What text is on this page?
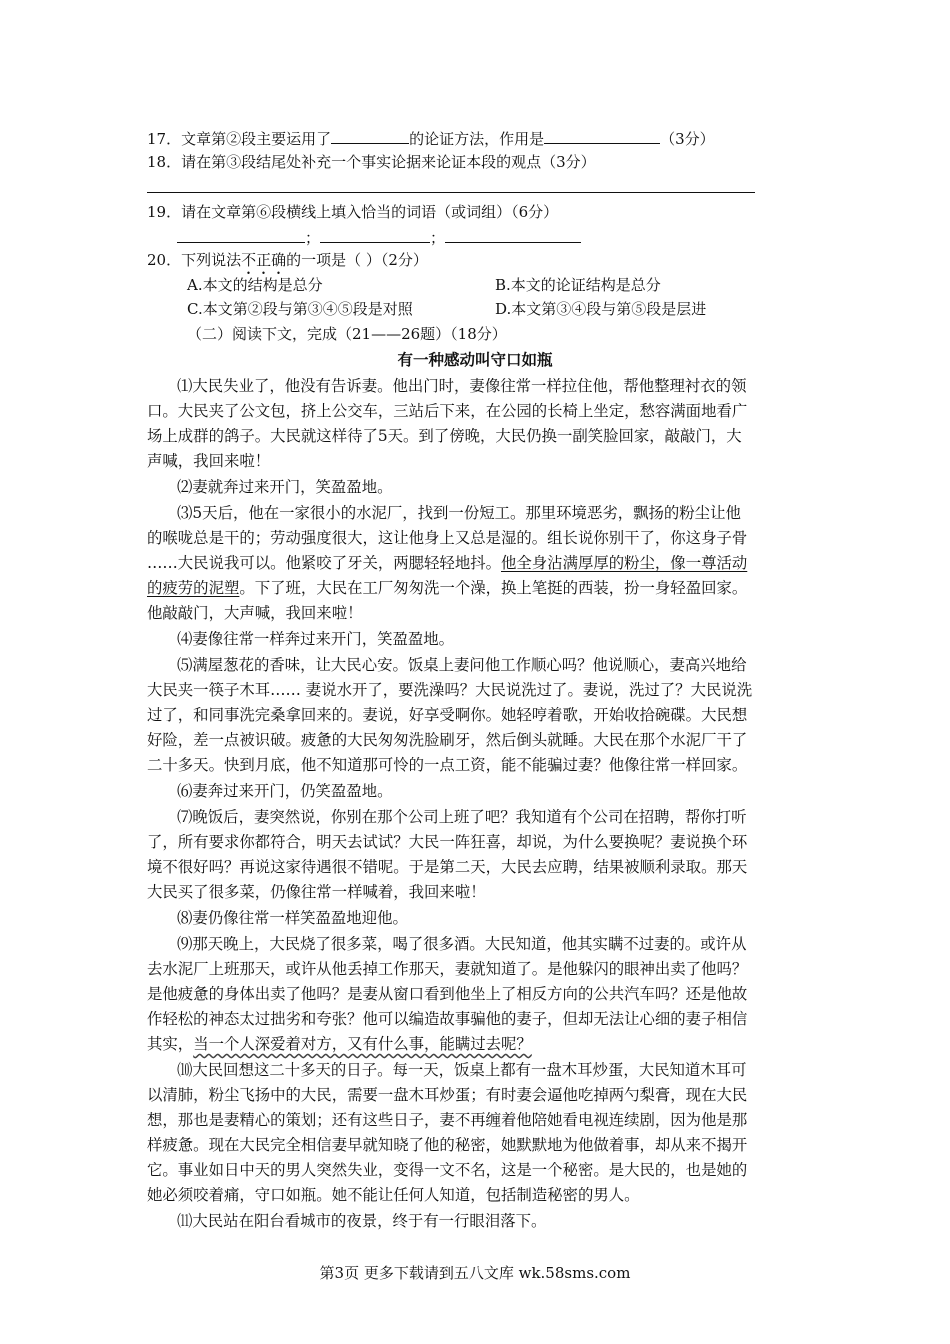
17．文章第②段主要运用了	的论证方法，作用是	（3分）
18．请在第③段结尾处补充一个事实论据来论证本段的观点（3分）
19．请在文章第⑥段横线上填入恰当的词语（或词组）（6分）
；	；
20．下列说法不正确的一项是（ ）（2分）
A.本文的结构是总分	B.本文的论证结构是总分
C.本文第②段与第③④⑤段是对照	D.本文第③④段与第⑤段是层进
（二）阅读下文，完成（21——26题）（18分）
有一种感动叫守口如瓶
⑴大民失业了，他没有告诉妻。他出门时，妻像往常一样拉住他，帮他整理衬衣的领
口。大民夹了公文包，挤上公交车，三站后下来，在公园的长椅上坐定，愁容满面地看广
场上成群的鸽子。大民就这样待了5天。到了傍晚，大民仍换一副笑脸回家，敲敲门，大
声喊，我回来啦！
⑵妻就奔过来开门，笑盈盈地。
⑶5天后，他在一家很小的水泥厂，找到一份短工。那里环境恶劣，飘扬的粉尘让他
的喉咙总是干的；劳动强度很大，这让他身上又总是湿的。组长说你别干了，你这身子骨
……大民说我可以。他紧咬了牙关，两腮轻轻地抖。他全身沾满厚厚的粉尘，像一尊活动
的疲劳的泥塑。下了班，大民在工厂匆匆洗一个澡，换上笔挺的西装，扮一身轻盈回家。
他敲敲门，大声喊，我回来啦！
⑷妻像往常一样奔过来开门，笑盈盈地。
⑸满屋葱花的香味，让大民心安。饭桌上妻问他工作顺心吗？他说顺心，妻高兴地给
大民夹一筷子木耳…… 妻说水开了，要洗澡吗？大民说洗过了。妻说，洗过了？大民说洗
过了，和同事洗完桑拿回来的。妻说，好享受啊你。她轻哼着歌，开始收拾碗碟。大民想
好险，差一点被识破。疲惫的大民匆匆洗脸刷牙，然后倒头就睡。大民在那个水泥厂干了
二十多天。快到月底，他不知道那可怜的一点工资，能不能骗过妻？他像往常一样回家。
⑹妻奔过来开门，仍笑盈盈地。
⑺晚饭后，妻突然说，你别在那个公司上班了吧？我知道有个公司在招聘，帮你打听
了，所有要求你都符合，明天去试试？大民一阵狂喜，却说，为什么要换呢？妻说换个环
境不很好吗？再说这家待遇很不错呢。于是第二天，大民去应聘，结果被顺利录取。那天
大民买了很多菜，仍像往常一样喊着，我回来啦！
⑻妻仍像往常一样笑盈盈地迎他。
⑼那天晚上，大民烧了很多菜，喝了很多酒。大民知道，他其实瞒不过妻的。或许从
去水泥厂上班那天，或许从他丢掉工作那天，妻就知道了。是他躲闪的眼神出卖了他吗？
是他疲惫的身体出卖了他吗？是妻从窗口看到他坐上了相反方向的公共汽车吗？还是他故
作轻松的神态太过拙劣和夸张？他可以编造故事骗他的妻子，但却无法让心细的妻子相信
其实，当一个人深爱着对方，又有什么事，能瞒过去呢？
⑽大民回想这二十多天的日子。每一天，饭桌上都有一盘木耳炒蛋，大民知道木耳可
以清肺，粉尘飞扬中的大民，需要一盘木耳炒蛋；有时妻会逼他吃掉两勺梨膏，现在大民
想，那也是妻精心的策划；还有这些日子，妻不再缠着他陪她看电视连续剧，因为他是那
样疲惫。现在大民完全相信妻早就知晓了他的秘密，她默默地为他做着事，却从来不揭开
它。事业如日中天的男人突然失业，变得一文不名，这是一个秘密。是大民的，也是她的
她必须咬着痛，守口如瓶。她不能让任何人知道，包括制造秘密的男人。
⑾大民站在阳台看城市的夜景，终于有一行眼泪落下。
第3页 更多下载请到五八文库 wk.58sms.com
